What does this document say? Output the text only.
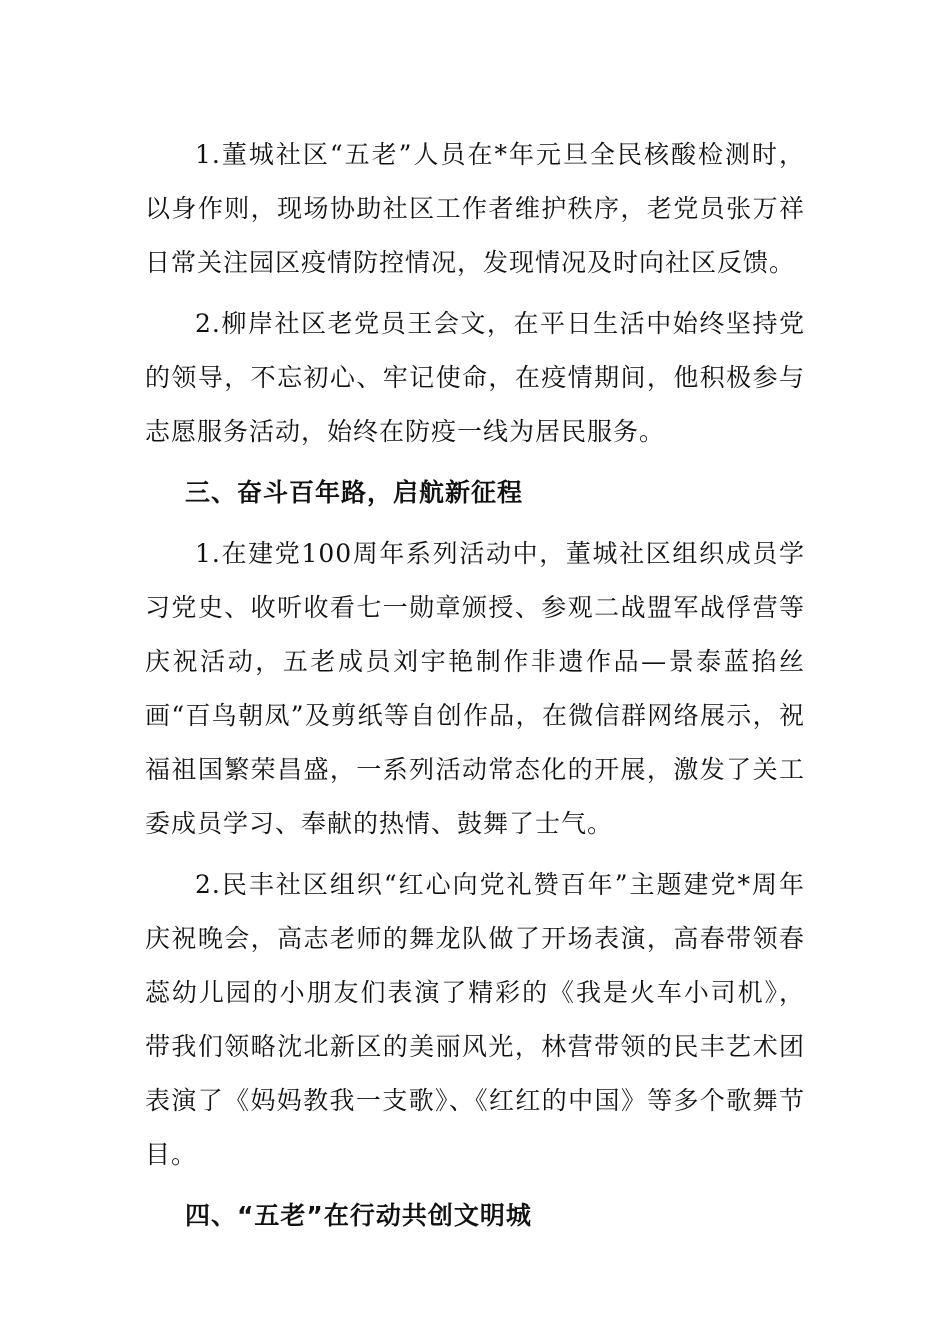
1.董城社区“五老”人员在*年元旦全民核酸检测时，以身作则，现场协助社区工作者维护秩序，老党员张万祥日常关注园区疫情防控情况，发现情况及时向社区反馈。

2.柳岸社区老党员王会文，在平日生活中始终坚持党的领导，不忘初心、牢记使命，在疫情期间，他积极参与志愿服务活动，始终在防疫一线为居民服务。

三、奋斗百年路，启航新征程

1.在建党100周年系列活动中，董城社区组织成员学习党史、收听收看七一勋章颁授、参观二战盟军战俘营等庆祝活动，五老成员刘宇艳制作非遗作品—景泰蓝掐丝画“百鸟朝凤”及剪纸等自创作品，在微信群网络展示，祝福祖国繁荣昌盛，一系列活动常态化的开展，激发了关工委成员学习、奉献的热情、鼓舞了士气。

2.民丰社区组织“红心向党礼赞百年”主题建党*周年庆祝晚会，高志老师的舞龙队做了开场表演，高春带领春蕊幼儿园的小朋友们表演了精彩的《我是火车小司机》，带我们领略沈北新区的美丽风光，林营带领的民丰艺术团表演了《妈妈教我一支歌》、《红红的中国》等多个歌舞节目。

四、“五老”在行动共创文明城
